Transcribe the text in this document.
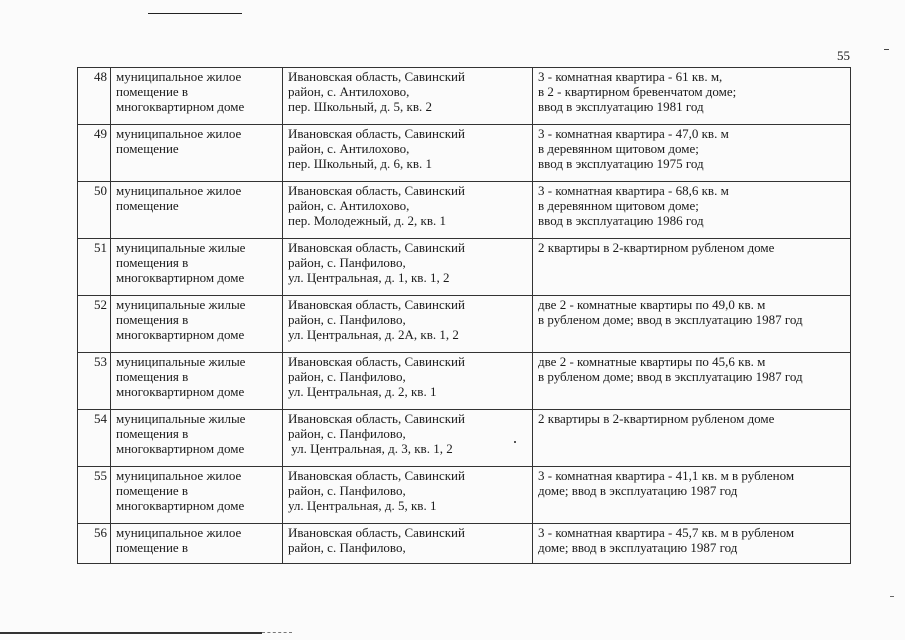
55
48	муниципальное жилое
помещение в
многоквартирном доме	Ивановская область, Савинский
район, с. Антилохово,
пер. Школьный, д. 5, кв. 2	3 - комнатная квартира - 61 кв. м,
в 2 - квартирном бревенчатом доме;
ввод в эксплуатацию 1981 год

49	муниципальное жилое
помещение	Ивановская область, Савинский
район, с. Антилохово,
пер. Школьный, д. 6, кв. 1	3 - комнатная квартира - 47,0 кв. м
в деревянном щитовом доме;
ввод в эксплуатацию 1975 год

50	муниципальное жилое
помещение	Ивановская область, Савинский
район, с. Антилохово,
пер. Молодежный, д. 2, кв. 1	3 - комнатная квартира - 68,6 кв. м
в деревянном щитовом доме;
ввод в эксплуатацию 1986 год

51	муниципальные жилые
помещения в
многоквартирном доме	Ивановская область, Савинский
район, с. Панфилово,
ул. Центральная, д. 1, кв. 1, 2	2 квартиры в 2-квартирном рубленом доме

52	муниципальные жилые
помещения в
многоквартирном доме	Ивановская область, Савинский
район, с. Панфилово,
ул. Центральная, д. 2А, кв. 1, 2	две 2 - комнатные квартиры по 49,0 кв. м
в рубленом доме; ввод в эксплуатацию 1987 год

53	муниципальные жилые
помещения в
многоквартирном доме	Ивановская область, Савинский
район, с. Панфилово,
ул. Центральная, д. 2, кв. 1	две 2 - комнатные квартиры по 45,6 кв. м
в рубленом доме; ввод в эксплуатацию 1987 год

54	муниципальные жилые
помещения в
многоквартирном доме	Ивановская область, Савинский
район, с. Панфилово,
ул. Центральная, д. 3, кв. 1, 2	2 квартиры в 2-квартирном рубленом доме

55	муниципальное жилое
помещение в
многоквартирном доме	Ивановская область, Савинский
район, с. Панфилово,
ул. Центральная, д. 5, кв. 1	3 - комнатная квартира - 41,1 кв. м в рубленом
доме; ввод в эксплуатацию 1987 год

56	муниципальное жилое
помещение в	Ивановская область, Савинский
район, с. Панфилово,	3 - комнатная квартира - 45,7 кв. м в рубленом
доме; ввод в эксплуатацию 1987 год
